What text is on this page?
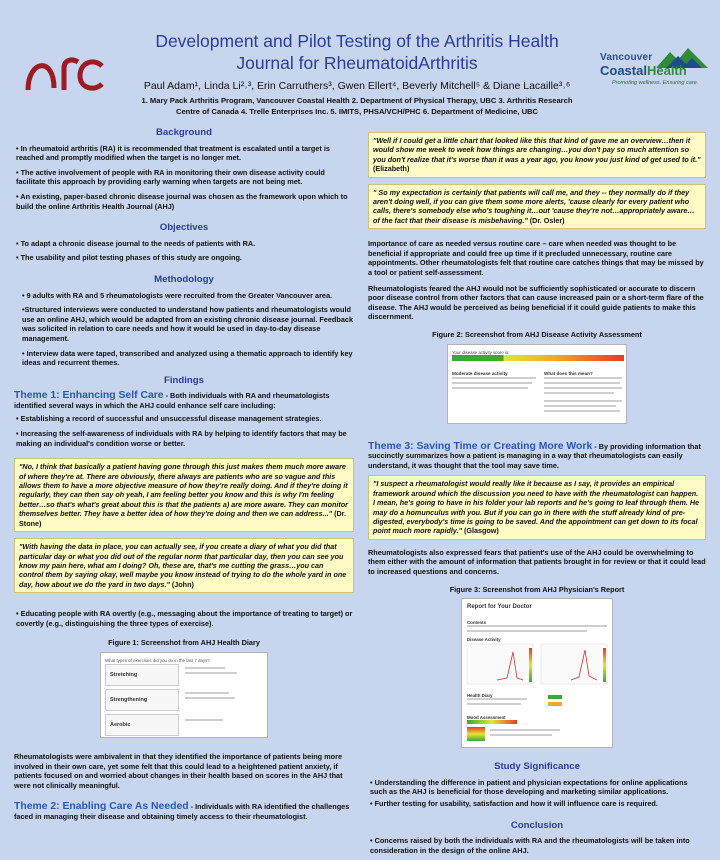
Development and Pilot Testing of the Arthritis Health
Journal for RheumatoidArthritis
Paul Adam¹, Linda Li²˒³, Erin Carruthers³, Gwen Ellert⁴, Beverly Mitchell⁵ & Diane Lacaille³˒⁶
1. Mary Pack Arthritis Program, Vancouver Coastal Health 2. Department of Physical Therapy, UBC 3. Arthritis Research
Centre of Canada 4. Trelle Enterprises Inc. 5. IMITS, PHSA/VCH/PHC 6. Department of Medicine, UBC
Vancouver
CoastalHealth
Promoting wellness. Ensuring care.
Background
• In rheumatoid arthritis (RA) it is recommended that treatment is escalated until a target is reached and promptly modified when the target is no longer met.
• The active involvement of people with RA in monitoring their own disease activity could facilitate this approach by providing early warning when targets are not being met.
• An existing, paper-based chronic disease journal was chosen as the framework upon which to build the online Arthritis Health Journal (AHJ)
Objectives
• To adapt a chronic disease journal to the needs of patients with RA.
• The usability and pilot testing phases of this study are ongoing.
Methodology
• 9 adults with RA and 5 rheumatologists were recruited from the Greater Vancouver area.
•Structured interviews were conducted to understand how patients and rheumatologists would use an online AHJ, which would be adapted from an existing chronic disease journal. Feedback was solicited in relation to care needs and how it would be used in day-to-day disease management.
• Interview data were taped, transcribed and analyzed using a thematic approach to identify key ideas and recurrent themes.
Findings
Theme 1: Enhancing Self Care - Both individuals with RA and rheumatologists identified several ways in which the AHJ could enhance self care including:
• Establishing a record of successful and unsuccessful disease management strategies.
• Increasing the self-awareness of individuals with RA by helping to identify factors that may be making an individual's condition worse or better.
"No, I think that basically a patient having gone through this just makes them much more aware of where they're at. There are obviously, there always are patients who are so vague and this allows them to have a more objective measure of how they're really doing. And if they're doing it regularly, they can then say oh yeah, I am feeling better you know and this is why I'm feeling better…so that's what's great about this is that the patients a) are more aware. They can monitor themselves better. They have a better idea of how they're doing and then we can address..." (Dr. Stone)
"With having the data in place, you can actually see, if you create a diary of what you did that particular day or what you did out of the regular norm that particular day, then you can see you know my pain here, what am I doing? Oh, these are, that's me cutting the grass…you can control them by saying okay, well maybe you know instead of trying to do the whole yard in one day, how about we do the yard in two days." (John)
• Educating people with RA overtly (e.g., messaging about the importance of treating to target) or covertly (e.g., distinguishing the three types of exercise).
Figure 1: Screenshot from AHJ Health Diary
What types of exercises did you do in the last 7 days?
Stretching
Strengthening
Aerobic
Rheumatologists were ambivalent in that they identified the importance of patients being more involved in their own care, yet some felt that this could lead to a heightened patient anxiety, if patients focused on and worried about changes in their health based on scores in the AHJ that were not clinically meaningful.
Theme 2: Enabling Care As Needed - Individuals with RA identified the challenges faced in managing their disease and obtaining timely access to their rheumatologist.
"Well if I could get a little chart that looked like this that kind of gave me an overview…then it would show me week to week how things are changing…you don't pay so much attention so you don't realize that it's worse than it was a year ago, you know you just kind of get used to it." (Elizabeth)
" So my expectation is certainly that patients will call me, and they -- they normally do if they aren't doing well, if you can give them some more alerts, 'cause clearly for every patient who calls, there's somebody else who's toughing it…out 'cause they're not…appropriately aware…of the fact that their disease is misbehaving." (Dr. Osler)
Importance of care as needed versus routine care – care when needed was thought to be beneficial if appropriate and could free up time if it precluded unnecessary, routine care appointments. Other rheumatologists felt that routine care catches things that may be missed by a tool or patient self-assessment.
Rheumatologists feared the AHJ would not be sufficiently sophisticated or accurate to discern poor disease control from other factors that can cause increased pain or a short-term flare of the disease. The AHJ would be perceived as being beneficial if it could guide patients to make this discernment.
Figure 2: Screenshot from AHJ Disease Activity Assessment
Your disease activity score is:
Moderate disease activity	What does this mean?
Theme 3: Saving Time or Creating More Work - By providing information that succinctly summarizes how a patient is managing in a way that rheumatologists can easily understand, it was thought that the tool may save time.
"I suspect a rheumatologist would really like it because as I say, it provides an empirical framework around which the discussion you need to have with the rheumatologist can happen. I mean, he's going to have in his folder your lab reports and he's going to leaf through them. He may do a homunculus with you. But if you can go in there with the stuff already kind of pre-digested, everybody's time is going to be saved. And the appointment can get down to its focal point much more rapidly." (Glasgow)
Rheumatologists also expressed fears that patient's use of the AHJ could be overwhelming to them either with the amount of information that patients brought in for review or that it could lead to increased questions and concerns.
Figure 3: Screenshot from AHJ Physician's Report
Report for Your Doctor
Contents
Disease Activity
Health Diary
Mood Assessment
Study Significance
• Understanding the difference in patient and physician expectations for online applications such as the AHJ is beneficial for those developing and marketing similar applications.
• Further testing for usability, satisfaction and how it will influence care is required.
Conclusion
• Concerns raised by both the individuals with RA and the rheumatologists will be taken into consideration in the design of the online AHJ.
